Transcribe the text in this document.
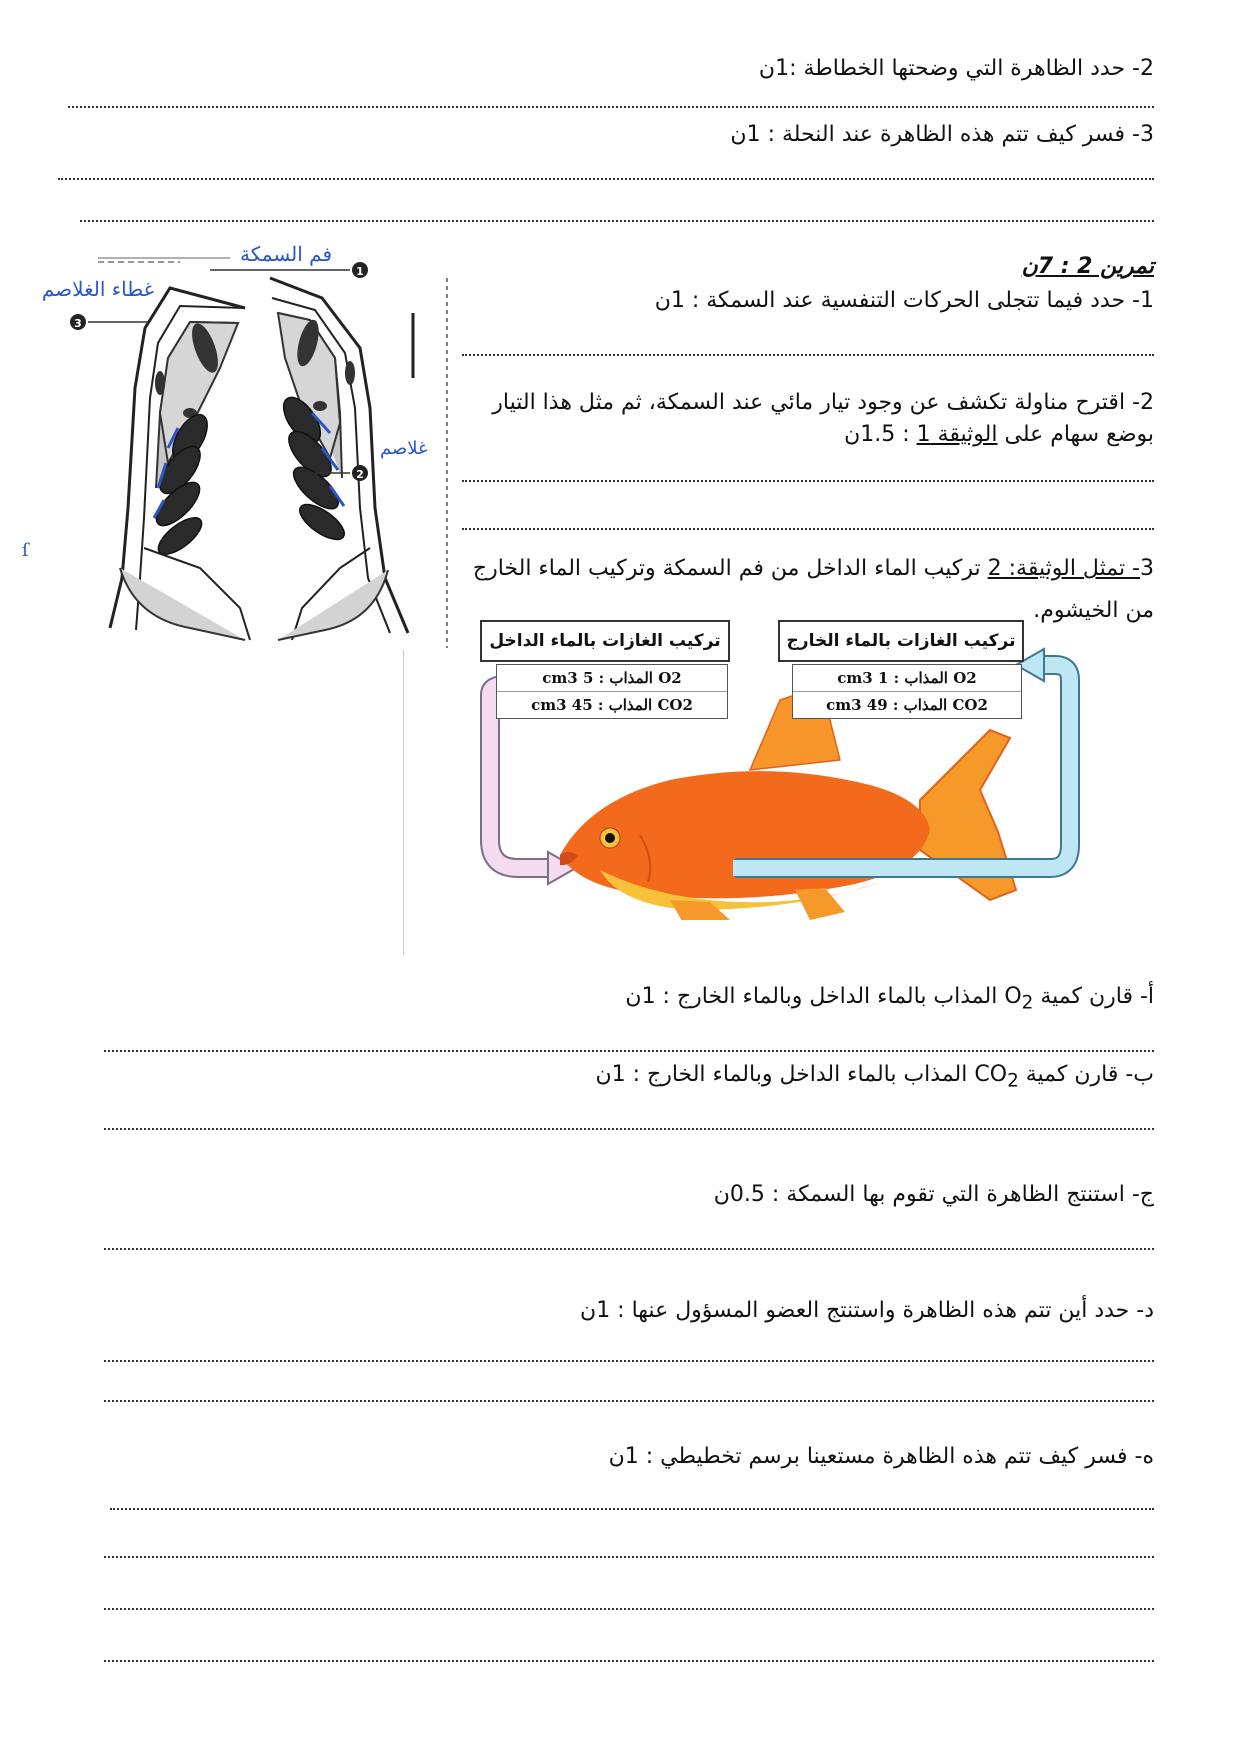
2- حدد الظاهرة التي وضحتها الخطاطة :1ن
3- فسر كيف تتم هذه الظاهرة عند النحلة : 1ن
تمرين 2 : 7ن
1- حدد فيما تتجلى الحركات التنفسية عند السمكة : 1ن
2- اقترح مناولة تكشف عن وجود تيار مائي عند السمكة، ثم مثل هذا التيار
بوضع سهام على الوثيقة 1 : 1.5ن
3- تمثل الوثيقة: 2 تركيب الماء الداخل من فم السمكة وتركيب الماء الخارج
من الخيشوم.
1
2
3
فم السمكة
غطاء الغلاصم
غلاصم
ſ
تركيب الغازات بالماء الداخل
O2 المذاب : 5 cm3
CO2 المذاب : 45 cm3
تركيب الغازات بالماء الخارج
O2 المذاب : 1 cm3
CO2 المذاب : 49 cm3
أ- قارن كمية $O_2$ المذاب بالماء الداخل وبالماء الخارج : 1ن
ب- قارن كمية $CO_2$ المذاب بالماء الداخل وبالماء الخارج : 1ن
ج- استنتج الظاهرة التي تقوم بها السمكة : 0.5ن
د- حدد أين تتم هذه الظاهرة واستنتج العضو المسؤول عنها : 1ن
ه- فسر كيف تتم هذه الظاهرة مستعينا برسم تخطيطي : 1ن
